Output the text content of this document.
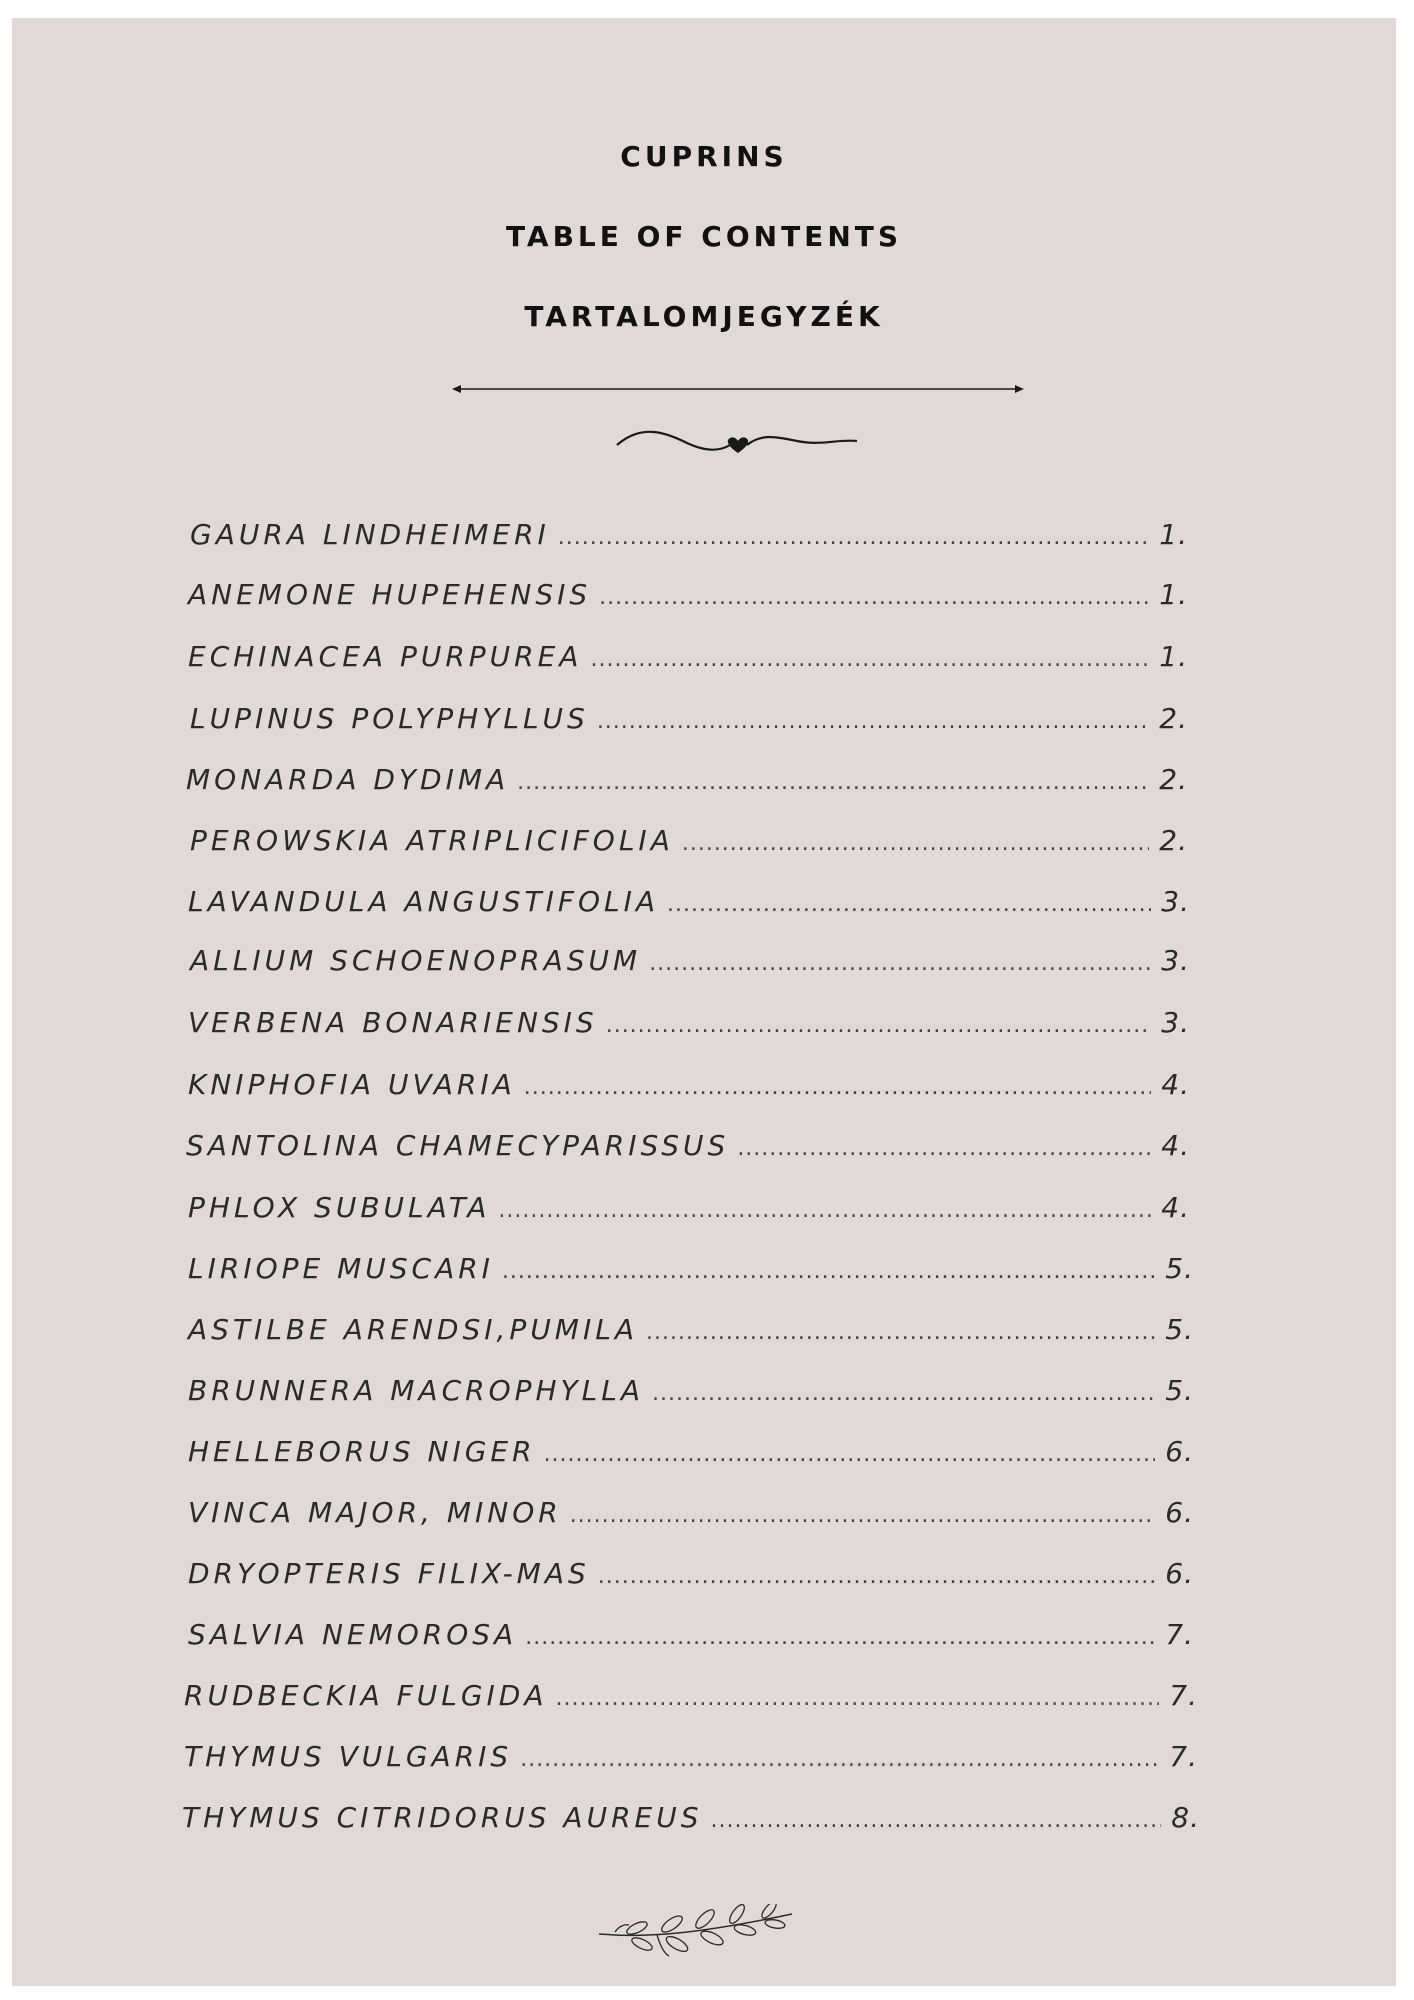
CUPRINS
TABLE OF CONTENTS
TARTALOMJEGYZÉK
GAURA LINDHEIMERI .....	1.
ANEMONE HUPEHENSIS .....	1.
ECHINACEA PURPUREA .....	1.
LUPINUS POLYPHYLLUS .....	2.
MONARDA DYDIMA .....	2.
PEROWSKIA ATRIPLICIFOLIA .....	2.
LAVANDULA ANGUSTIFOLIA .....	3.
ALLIUM SCHOENOPRASUM .....	3.
VERBENA BONARIENSIS .....	3.
KNIPHOFIA UVARIA .....	4.
SANTOLINA CHAMECYPARISSUS .....	4.
PHLOX SUBULATA .....	4.
LIRIOPE MUSCARI .....	5.
ASTILBE ARENDSI,PUMILA .....	5.
BRUNNERA MACROPHYLLA .....	5.
HELLEBORUS NIGER .....	6.
VINCA MAJOR, MINOR .....	6.
DRYOPTERIS FILIX-MAS .....	6.
SALVIA NEMOROSA .....	7.
RUDBECKIA FULGIDA .....	7.
THYMUS VULGARIS .....	7.
THYMUS CITRIDORUS AUREUS .....	8.
